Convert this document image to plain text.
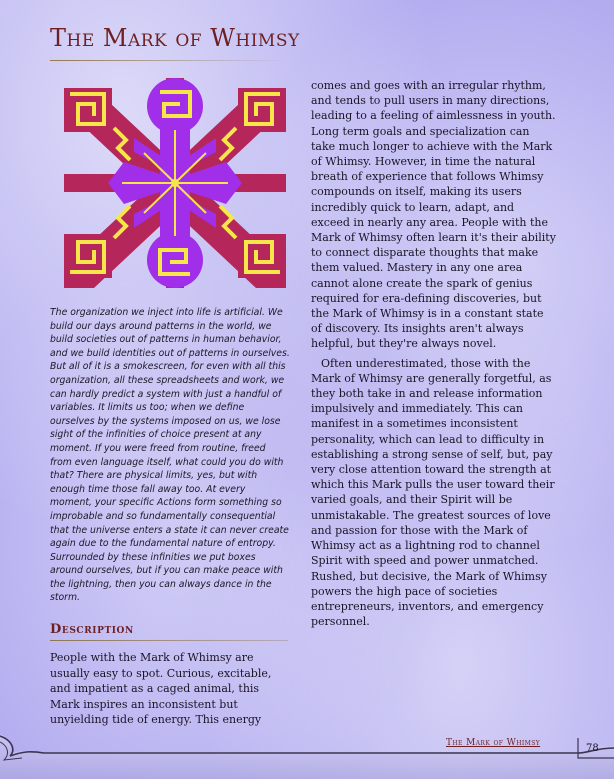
The Mark of Whimsy

The organization we inject into life is artificial. We build our days around patterns in the world, we build societies out of patterns in human behavior, and we build identities out of patterns in ourselves. But all of it is a smokescreen, for even with all this organization, all these spreadsheets and work, we can hardly predict a system with just a handful of variables. It limits us too; when we define ourselves by the systems imposed on us, we lose sight of the infinities of choice present at any moment. If you were freed from routine, freed from even language itself, what could you do with that? There are physical limits, yes, but with enough time those fall away too. At every moment, your specific Actions form something so improbable and so fundamentally consequential that the universe enters a state it can never create again due to the fundamental nature of entropy. Surrounded by these infinities we put boxes around ourselves, but if you can make peace with the lightning, then you can always dance in the storm.

Description

People with the Mark of Whimsy are usually easy to spot. Curious, excitable, and impatient as a caged animal, this Mark inspires an inconsistent but unyielding tide of energy. This energy

comes and goes with an irregular rhythm, and tends to pull users in many directions, leading to a feeling of aimlessness in youth. Long term goals and specialization can take much longer to achieve with the Mark of Whimsy. However, in time the natural breath of experience that follows Whimsy compounds on itself, making its users incredibly quick to learn, adapt, and exceed in nearly any area. People with the Mark of Whimsy often learn it's their ability to connect disparate thoughts that make them valued. Mastery in any one area cannot alone create the spark of genius required for era-defining discoveries, but the Mark of Whimsy is in a constant state of discovery. Its insights aren't always helpful, but they're always novel.

Often underestimated, those with the Mark of Whimsy are generally forgetful, as they both take in and release information impulsively and immediately. This can manifest in a sometimes inconsistent personality, which can lead to difficulty in establishing a strong sense of self, but, pay very close attention toward the strength at which this Mark pulls the user toward their varied goals, and their Spirit will be unmistakable. The greatest sources of love and passion for those with the Mark of Whimsy act as a lightning rod to channel Spirit with speed and power unmatched. Rushed, but decisive, the Mark of Whimsy powers the high pace of societies entrepreneurs, inventors, and emergency personnel.

The Mark of Whimsy	78
